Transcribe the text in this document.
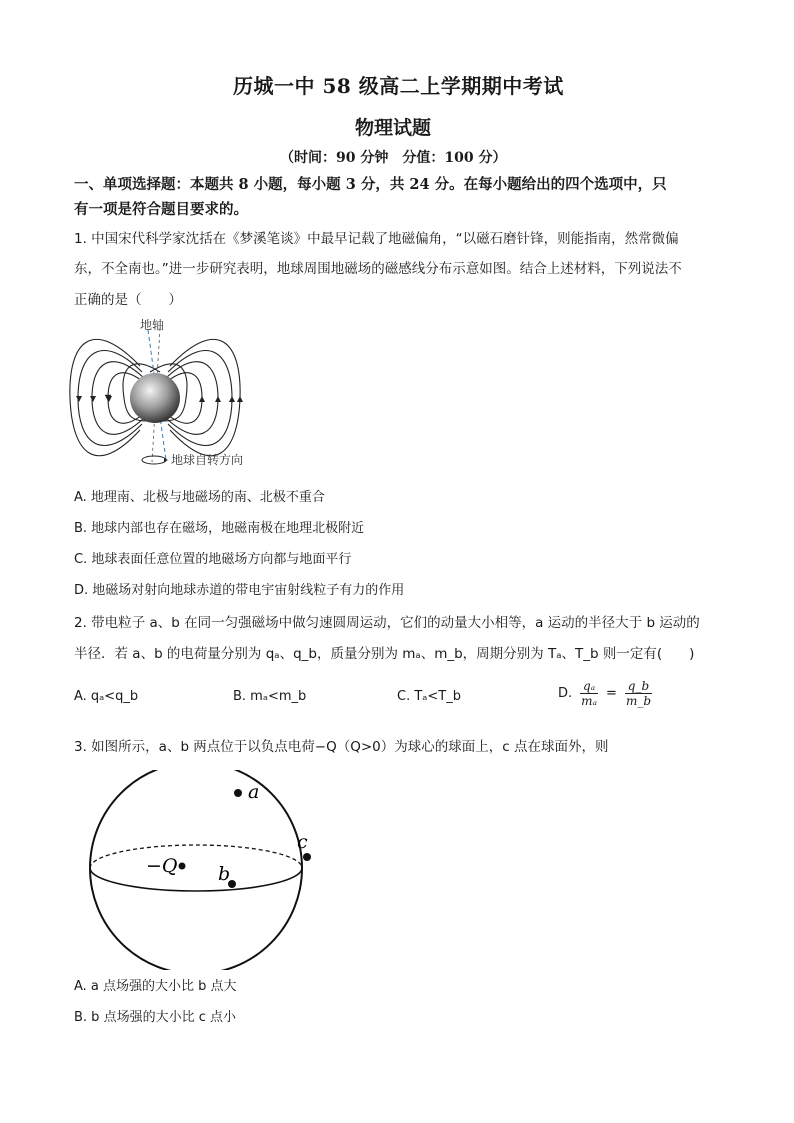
历城一中 58 级高二上学期期中考试
物理试题
（时间：90 分钟　分值：100 分）
一、单项选择题：本题共 8 小题，每小题 3 分，共 24 分。在每小题给出的四个选项中，只
有一项是符合题目要求的。
1. 中国宋代科学家沈括在《梦溪笔谈》中最早记载了地磁偏角，“以磁石磨针锋，则能指南，然常微偏
东，不全南也。”进一步研究表明，地球周围地磁场的磁感线分布示意如图。结合上述材料，下列说法不
正确的是（　　）
地轴
地球自转方向
A. 地理南、北极与地磁场的南、北极不重合
B. 地球内部也存在磁场，地磁南极在地理北极附近
C. 地球表面任意位置的地磁场方向都与地面平行
D. 地磁场对射向地球赤道的带电宇宙射线粒子有力的作用
2. 带电粒子 a、b 在同一匀强磁场中做匀速圆周运动，它们的动量大小相等，a 运动的半径大于 b 运动的
半径．若 a、b 的电荷量分别为 qₐ、q_b，质量分别为 mₐ、m_b，周期分别为 Tₐ、T_b 则一定有(　　)
A. qₐ<q_b	B. mₐ<m_b	C. Tₐ<T_b	D. $\frac{\text{qₐ}}{\text{mₐ}} = \frac{q\_b}{m\_b}$
3. 如图所示，a、b 两点位于以负点电荷−Q（Q>0）为球心的球面上，c 点在球面外，则
a
b
c
−Q
A. a 点场强的大小比 b 点大
B. b 点场强的大小比 c 点小
